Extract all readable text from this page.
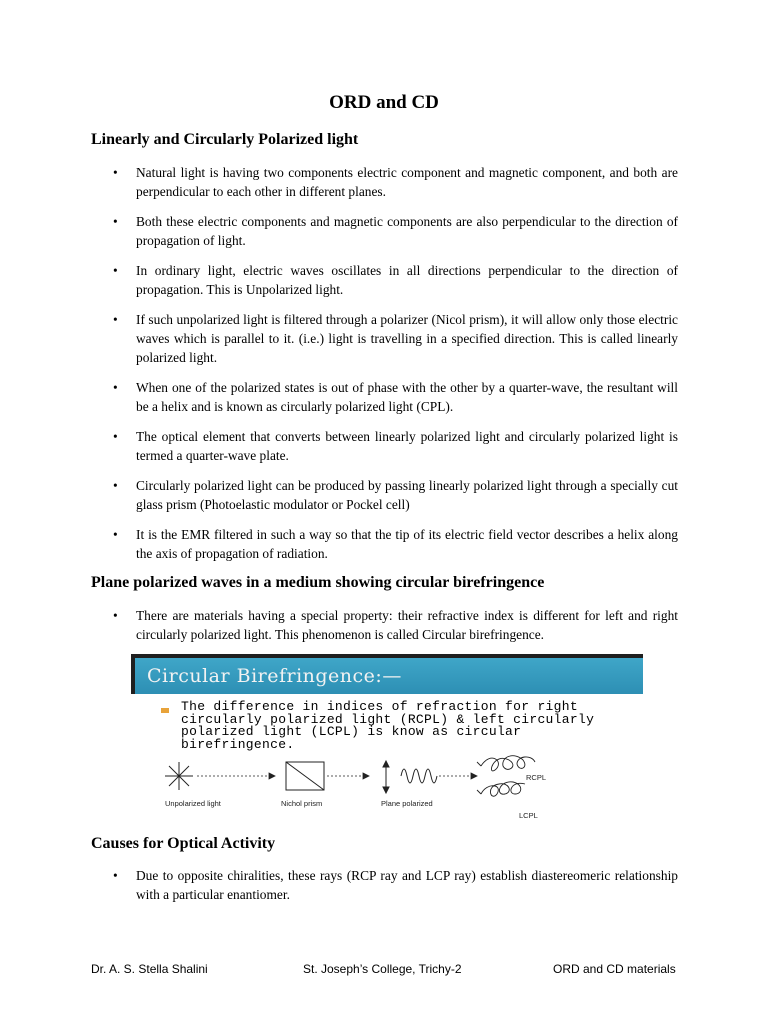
ORD and CD
Linearly and Circularly Polarized light
• Natural light is having two components electric component and magnetic component, and both are perpendicular to each other in different planes.
• Both these electric components and magnetic components are also perpendicular to the direction of propagation of light.
• In ordinary light, electric waves oscillates in all directions perpendicular to the direction of propagation. This is Unpolarized light.
• If such unpolarized light is filtered through a polarizer (Nicol prism), it will allow only those electric waves which is parallel to it. (i.e.) light is travelling in a specified direction. This is called linearly polarized light.
• When one of the polarized states is out of phase with the other by a quarter-wave, the resultant will be a helix and is known as circularly polarized light (CPL).
• The optical element that converts between linearly polarized light and circularly polarized light is termed a quarter-wave plate.
• Circularly polarized light can be produced by passing linearly polarized light through a specially cut glass prism (Photoelastic modulator or Pockel cell)
• It is the EMR filtered in such a way so that the tip of its electric field vector describes a helix along the axis of propagation of radiation.
Plane polarized waves in a medium showing circular birefringence
• There are materials having a special property: their refractive index is different for left and right circularly polarized light. This phenomenon is called Circular birefringence.
Circular Birefringence:—
The difference in indices of refraction for right circularly polarized light (RCPL) & left circularly polarized light (LCPL) is know as circular birefringence.
Unpolarized light	Nichol prism	Plane polarized
RCPL
LCPL
Causes for Optical Activity
• Due to opposite chiralities, these rays (RCP ray and LCP ray) establish diastereomeric relationship with a particular enantiomer.
Dr. A. S. Stella Shalini	St. Joseph’s College, Trichy-2	ORD and CD materials
